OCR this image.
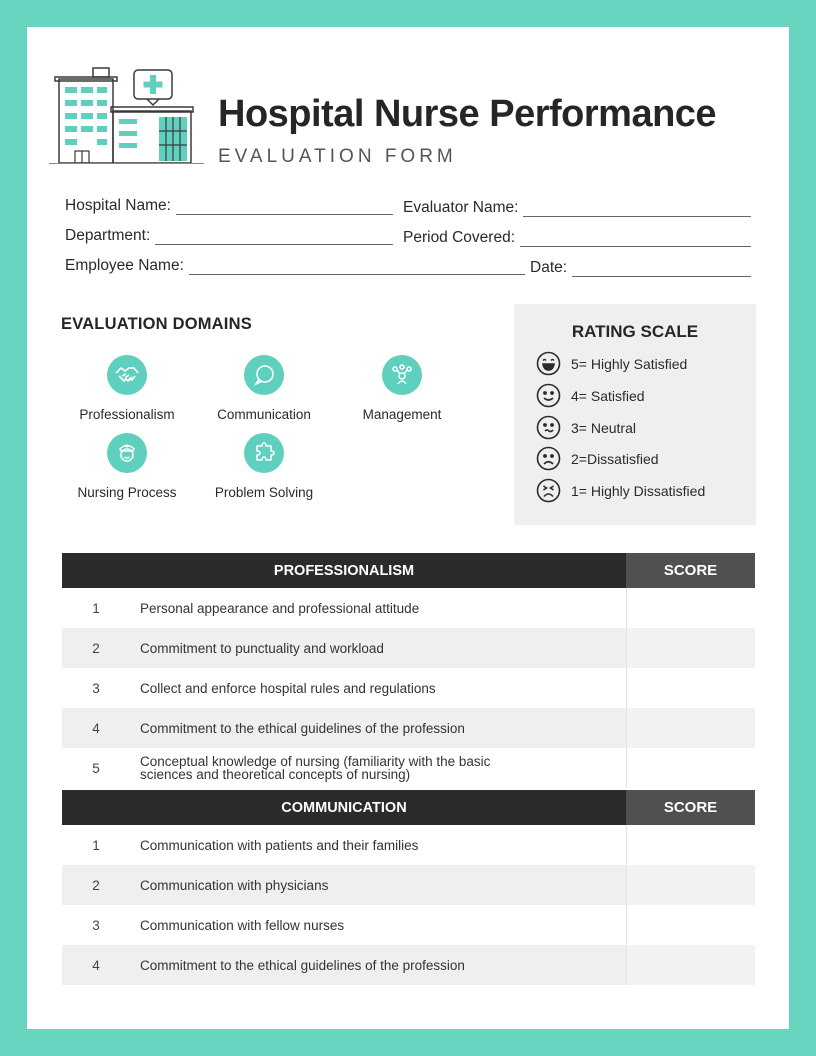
Hospital Nurse Performance
EVALUATION FORM
Hospital Name:	Evaluator Name:
Department:	Period Covered:
Employee Name:	Date:
EVALUATION DOMAINS
Professionalism	Communication	Management
Nursing Process	Problem Solving
RATING SCALE
5= Highly Satisfied
4= Satisfied
3= Neutral
2=Dissatisfied
1= Highly Dissatisfied
PROFESSIONALISM	SCORE
1	Personal appearance and professional attitude
2	Commitment to punctuality and workload
3	Collect and enforce hospital rules and regulations
4	Commitment to the ethical guidelines of the profession
5	Conceptual knowledge of nursing (familiarity with the basic sciences and theoretical concepts of nursing)
COMMUNICATION	SCORE
1	Communication with patients and their families
2	Communication with physicians
3	Communication with fellow nurses
4	Commitment to the ethical guidelines of the profession
